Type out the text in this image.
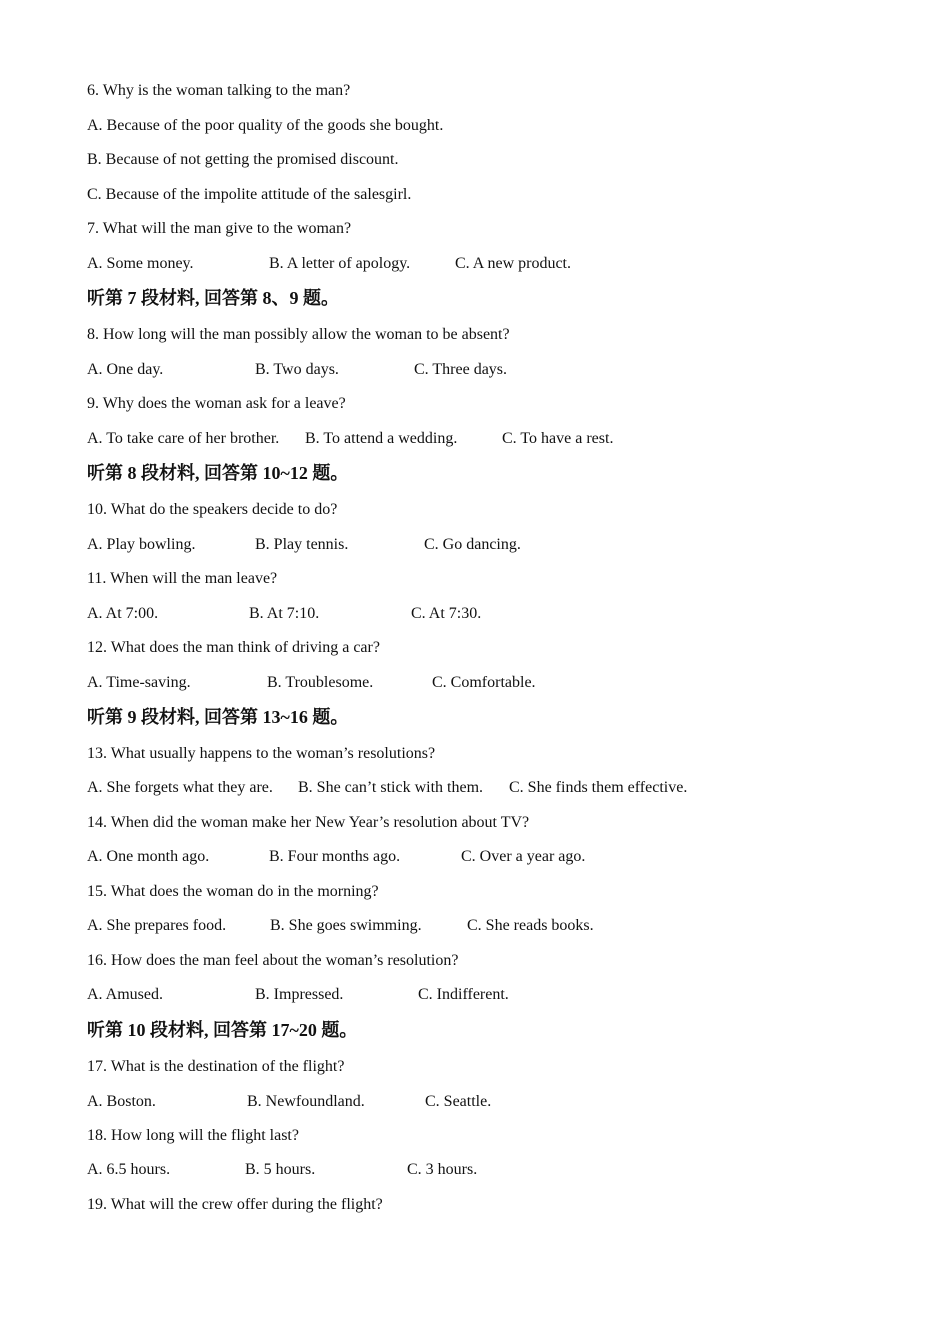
6. Why is the woman talking to the man?
A. Because of the poor quality of the goods she bought.
B. Because of not getting the promised discount.
C. Because of the impolite attitude of the salesgirl.
7. What will the man give to the woman?
A. Some money.	B. A letter of apology.	C. A new product.
听第 7 段材料, 回答第 8、9 题。
8. How long will the man possibly allow the woman to be absent?
A. One day.	B. Two days.	C. Three days.
9. Why does the woman ask for a leave?
A. To take care of her brother. B. To attend a wedding.	C. To have a rest.
听第 8 段材料, 回答第 10~12 题。
10. What do the speakers decide to do?
A. Play bowling.	B. Play tennis.	C. Go dancing.
11. When will the man leave?
A. At 7:00.	B. At 7:10.	C. At 7:30.
12. What does the man think of driving a car?
A. Time-saving.	B. Troublesome.	C. Comfortable.
听第 9 段材料, 回答第 13~16 题。
13. What usually happens to the woman’s resolutions?
A. She forgets what they are. B. She can’t stick with them. C. She finds them effective.
14. When did the woman make her New Year’s resolution about TV?
A. One month ago.	B. Four months ago.	C. Over a year ago.
15. What does the woman do in the morning?
A. She prepares food.	B. She goes swimming.	C. She reads books.
16. How does the man feel about the woman’s resolution?
A. Amused.	B. Impressed.	C. Indifferent.
听第 10 段材料, 回答第 17~20 题。
17. What is the destination of the flight?
A. Boston.	B. Newfoundland.	C. Seattle.
18. How long will the flight last?
A. 6.5 hours.	B. 5 hours.	C. 3 hours.
19. What will the crew offer during the flight?
